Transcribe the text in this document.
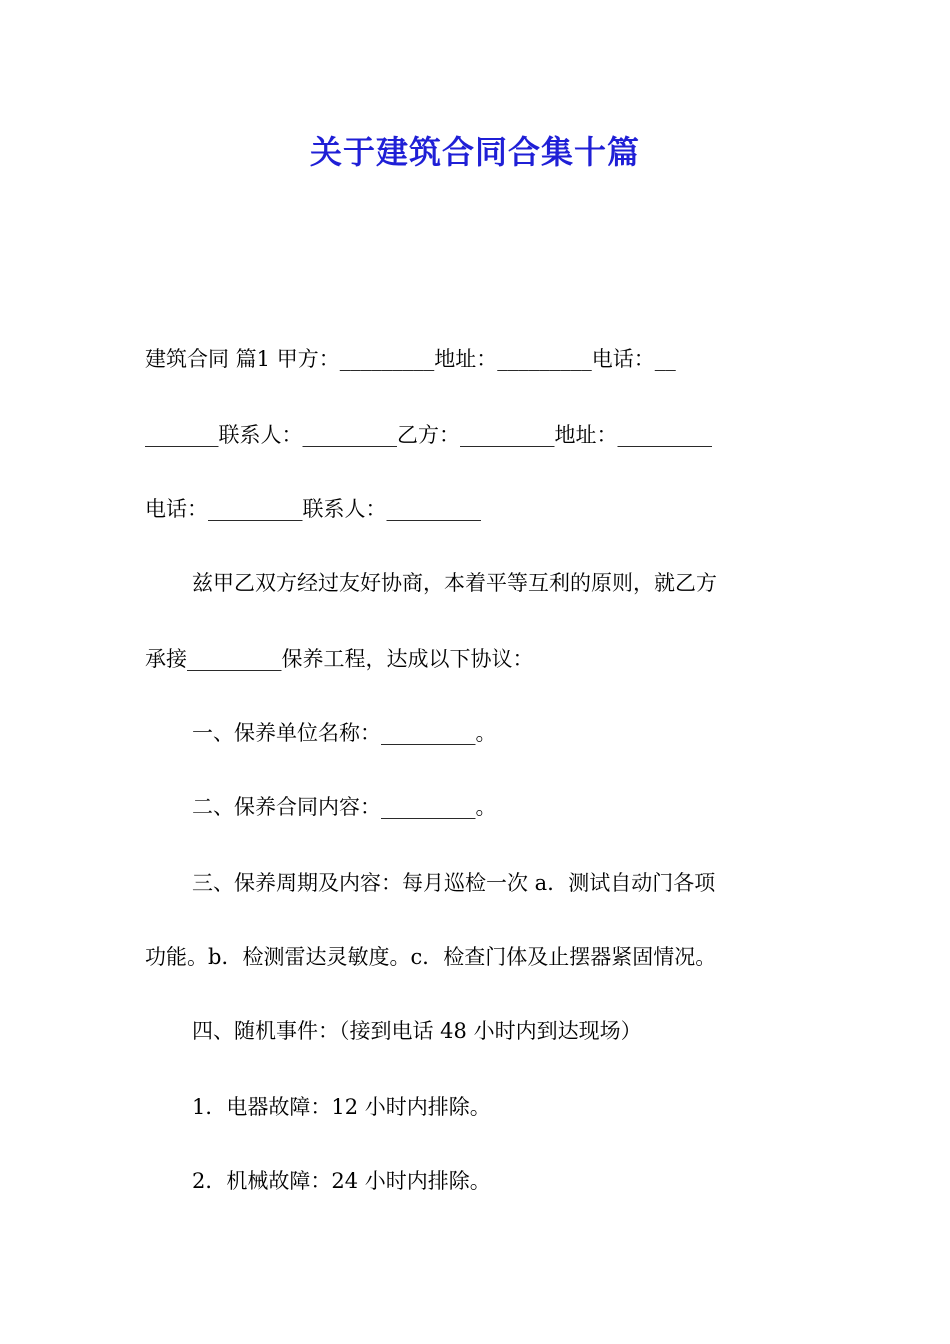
关于建筑合同合集十篇
建筑合同 篇1 甲方：_________地址：_________电话：__
_______联系人：_________乙方：_________地址：_________
电话：_________联系人：_________
兹甲乙双方经过友好协商，本着平等互利的原则，就乙方
承接_________保养工程，达成以下协议：
一、保养单位名称：_________。
二、保养合同内容：_________。
三、保养周期及内容：每月巡检一次 a．测试自动门各项
功能。b．检测雷达灵敏度。c．检查门体及止摆器紧固情况。
四、随机事件：（接到电话 48 小时内到达现场）
1．电器故障：12 小时内排除。
2．机械故障：24 小时内排除。
